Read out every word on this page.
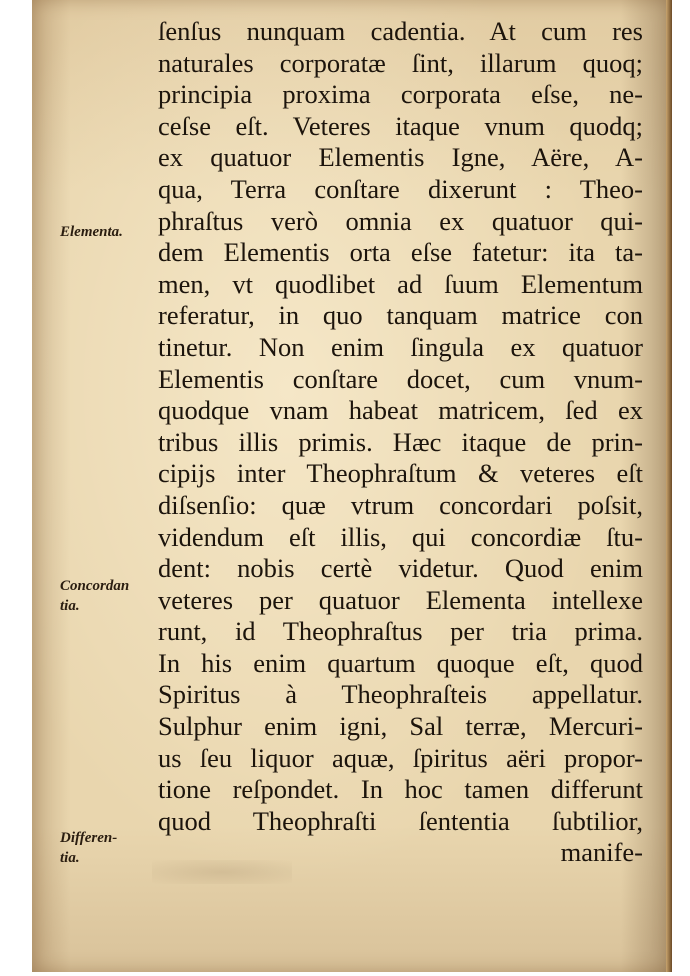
ſenſus nunquam cadentia. At cum res
naturales corporatæ ſint, illarum quoq;
principia proxima corporata eſse, ne-
ceſse eſt. Veteres itaque vnum quodq;
ex quatuor Elementis Igne, Aëre, A-
qua, Terra conſtare dixerunt : Theo-
phraſtus verò omnia ex quatuor qui-
dem Elementis orta eſse fatetur: ita ta-
men, vt quodlibet ad ſuum Elementum
referatur, in quo tanquam matrice con
tinetur. Non enim ſingula ex quatuor
Elementis conſtare docet, cum vnum-
quodque vnam habeat matricem, ſed ex
tribus illis primis. Hæc itaque de prin-
cipijs inter Theophraſtum & veteres eſt
diſsenſio: quæ vtrum concordari poſsit,
videndum eſt illis, qui concordiæ ſtu-
dent: nobis certè videtur. Quod enim
veteres per quatuor Elementa intellexe
runt, id Theophraſtus per tria prima.
In his enim quartum quoque eſt, quod
Spiritus à Theophraſteis appellatur.
Sulphur enim igni, Sal terræ, Mercuri-
us ſeu liquor aquæ, ſpiritus aëri propor-
tione reſpondet. In hoc tamen differunt
quod Theophraſti ſententia ſubtilior,
manife-
Elementa.
Concordan
tia.
Differen-
tia.
